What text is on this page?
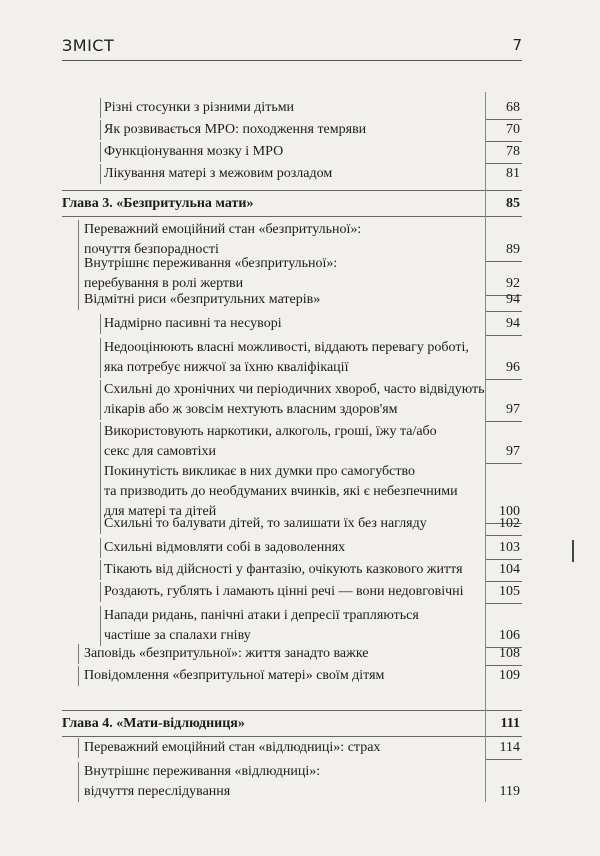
ЗМІСТ	7
Різні стосунки з різними дітьми	68
Як розвивається МРО: походження темряви	70
Функціонування мозку і МРО	78
Лікування матері з межовим розладом	81
Глава 3. «Безпритульна мати»	85
Переважний емоційний стан «безпритульної»:
почуття безпорадності	89
Внутрішнє переживання «безпритульної»:
перебування в ролі жертви	92
Відмітні риси «безпритульних матерів»	94
Надмірно пасивні та несуворі	94
Недооцінюють власні можливості, віддають перевагу роботі,
яка потребує нижчої за їхню кваліфікації	96
Схильні до хронічних чи періодичних хвороб, часто відвідують
лікарів або ж зовсім нехтують власним здоров'ям	97
Використовують наркотики, алкоголь, гроші, їжу та/або
секс для самовтіхи	97
Покинутість викликає в них думки про самогубство
та призводить до необдуманих вчинків, які є небезпечними
для матері та дітей	100
Схильні то балувати дітей, то залишати їх без нагляду	102
Схильні відмовляти собі в задоволеннях	103
Тікають від дійсності у фантазію, очікують казкового життя	104
Роздають, гублять і ламають цінні речі — вони недовговічні	105
Напади ридань, панічні атаки і депресії трапляються
частіше за спалахи гніву	106
Заповідь «безпритульної»: життя занадто важке	108
Повідомлення «безпритульної матері» своїм дітям	109
Глава 4. «Мати-відлюдниця»	111
Переважний емоційний стан «відлюдниці»: страх	114
Внутрішнє переживання «відлюдниці»:
відчуття переслідування	119
